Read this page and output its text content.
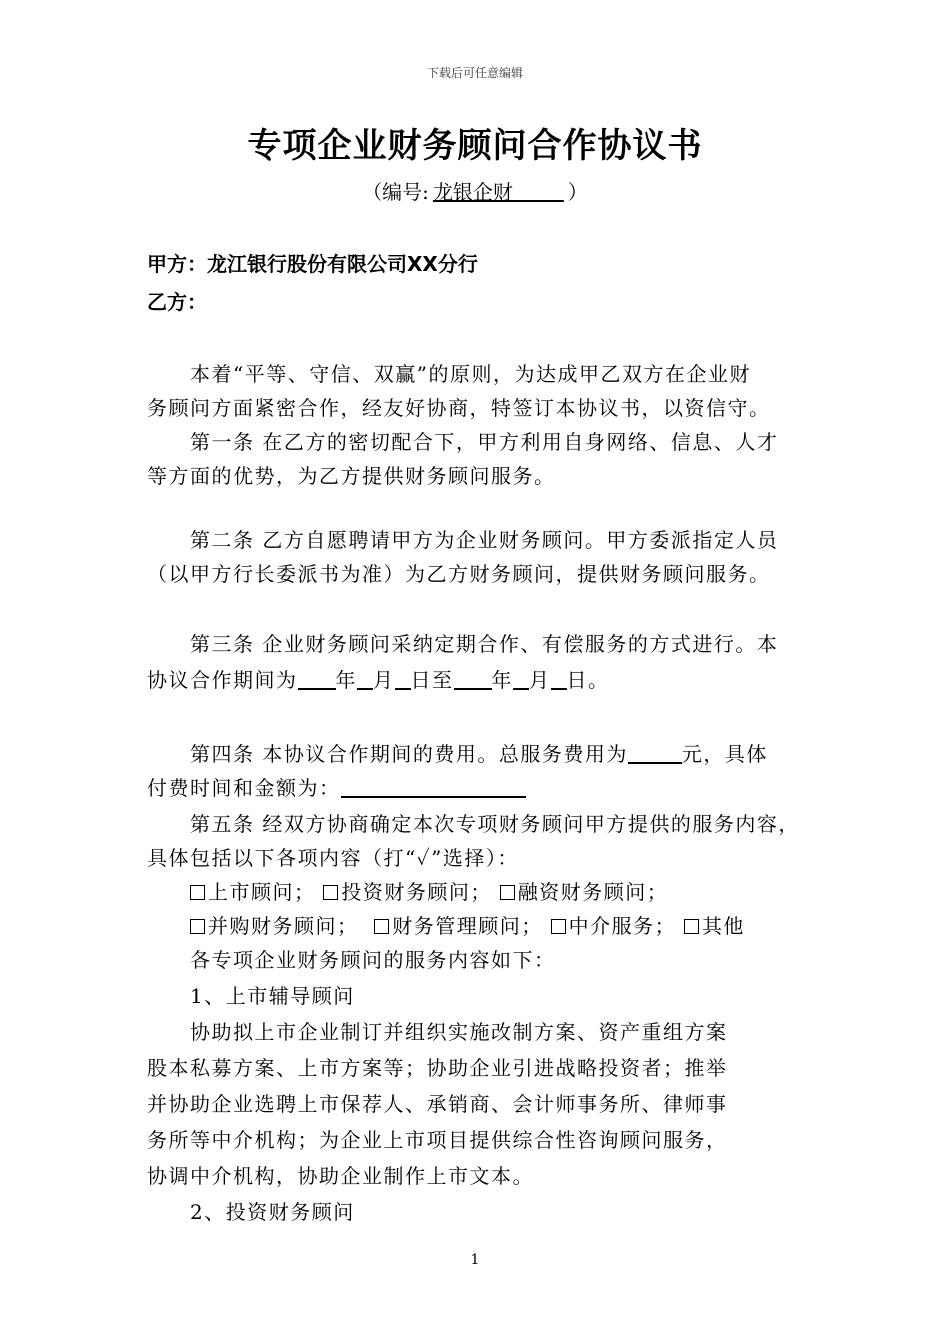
下载后可任意编辑
专项企业财务顾问合作协议书
（编号: 龙银企财	）
甲方：龙江银行股份有限公司XX分行
乙方：
本着“平等、守信、双赢”的原则，为达成甲乙双方在企业财
务顾问方面紧密合作，经友好协商，特签订本协议书，以资信守。
第一条 在乙方的密切配合下，甲方利用自身网络、信息、人才
等方面的优势，为乙方提供财务顾问服务。
第二条 乙方自愿聘请甲方为企业财务顾问。甲方委派指定人员
（以甲方行长委派书为准）为乙方财务顾问，提供财务顾问服务。
第三条 企业财务顾问采纳定期合作、有偿服务的方式进行。本
协议合作期间为 年 月 日至 年 月 日。
第四条 本协议合作期间的费用。总服务费用为	元，具体
付费时间和金额为：
第五条 经双方协商确定本次专项财务顾问甲方提供的服务内容，
具体包括以下各项内容（打“✓”选择）：
上市顾问； 投资财务顾问； 融资财务顾问；
并购财务顾问； 财务管理顾问； 中介服务； 其他
各专项企业财务顾问的服务内容如下：
1、上市辅导顾问
协助拟上市企业制订并组织实施改制方案、资产重组方案
股本私募方案、上市方案等；协助企业引进战略投资者；推举
并协助企业选聘上市保荐人、承销商、会计师事务所、律师事
务所等中介机构；为企业上市项目提供综合性咨询顾问服务，
协调中介机构，协助企业制作上市文本。
2、投资财务顾问
1
